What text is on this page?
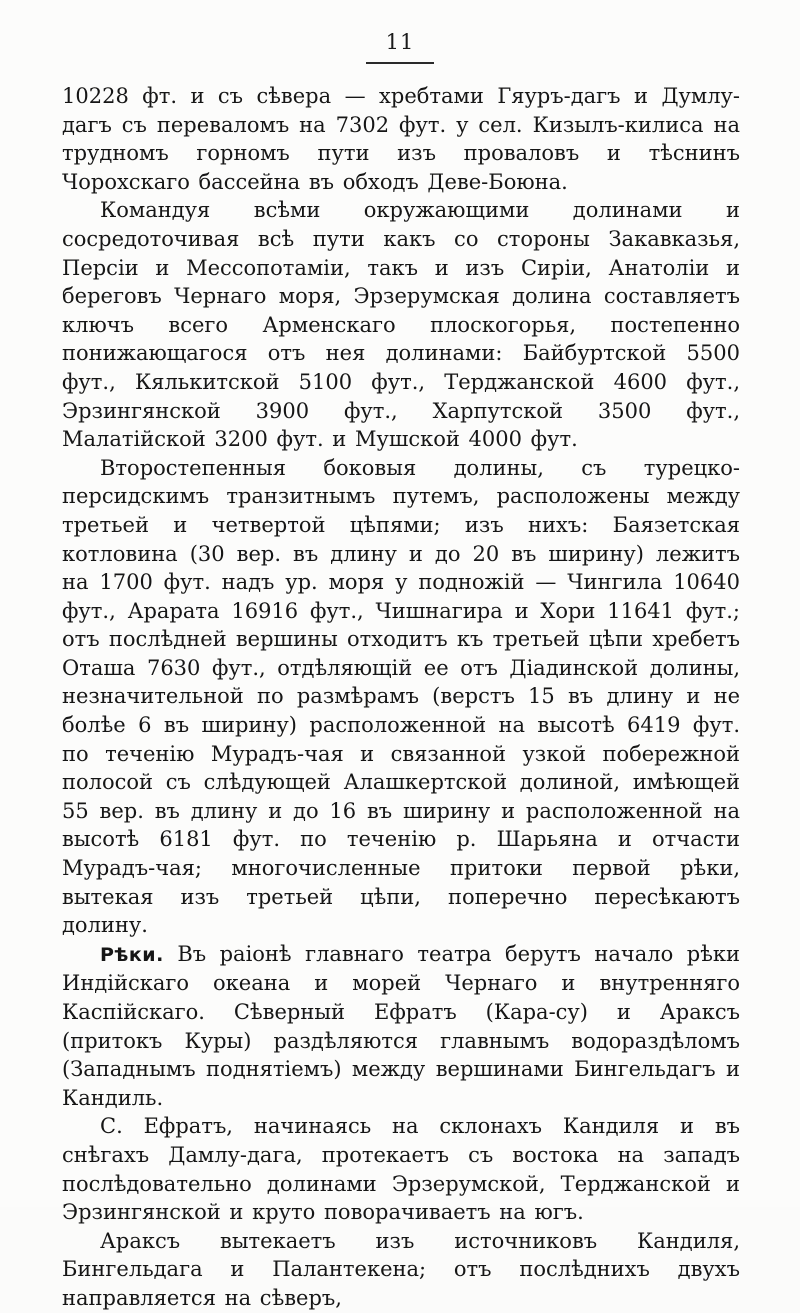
11

10228 фт. и съ сѣвера — хребтами Гяуръ-дагъ и Думлу-дагъ съ переваломъ на 7302 фут. у сел. Кизылъ-килиса на трудномъ горномъ пути изъ проваловъ и тѣснинъ Чорохскаго бассейна въ обходъ Деве-Боюна.

Командуя всѣми окружающими долинами и сосредоточивая всѣ пути какъ со стороны Закавказья, Персіи и Мессопотаміи, такъ и изъ Сиріи, Анатоліи и береговъ Чернаго моря, Эрзерумская долина составляетъ ключъ всего Арменскаго плоскогорья, постепенно понижающагося отъ нея долинами: Байбуртской 5500 фут., Кялькитской 5100 фут., Терджанской 4600 фут., Эрзингянской 3900 фут., Харпутской 3500 фут., Малатійской 3200 фут. и Мушской 4000 фут.

Второстепенныя боковыя долины, съ турецко-персидскимъ транзитнымъ путемъ, расположены между третьей и четвертой цѣпями; изъ нихъ: Баязетская котловина (30 вер. въ длину и до 20 въ ширину) лежитъ на 1700 фут. надъ ур. моря у подножій — Чингила 10640 фут., Арарата 16916 фут., Чишнагира и Хори 11641 фут.; отъ послѣдней вершины отходитъ къ третьей цѣпи хребетъ Оташа 7630 фут., отдѣляющій ее отъ Діадинской долины, незначительной по размѣрамъ (верстъ 15 въ длину и не болѣе 6 въ ширину) расположенной на высотѣ 6419 фут. по теченію Мурадъ-чая и связанной узкой побережной полосой съ слѣдующей Алашкертской долиной, имѣющей 55 вер. въ длину и до 16 въ ширину и расположенной на высотѣ 6181 фут. по теченію р. Шарьяна и отчасти Мурадъ-чая; многочисленные притоки первой рѣки, вытекая изъ третьей цѣпи, поперечно пересѣкаютъ долину.

Рѣки. Въ раіонѣ главнаго театра берутъ начало рѣки Индійскаго океана и морей Чернаго и внутренняго Каспійскаго. Сѣверный Ефратъ (Кара-су) и Араксъ (притокъ Куры) раздѣляются главнымъ водораздѣломъ (Западнымъ поднятіемъ) между вершинами Бингельдагъ и Кандиль.

С. Ефратъ, начинаясь на склонахъ Кандиля и въ снѣгахъ Дамлу-дага, протекаетъ съ востока на западъ послѣдовательно долинами Эрзерумской, Терджанской и Эрзингянской и круто поворачиваетъ на югъ.

Араксъ вытекаетъ изъ источниковъ Кандиля, Бингельдага и Палантекена; отъ послѣднихъ двухъ направляется на сѣверъ,
